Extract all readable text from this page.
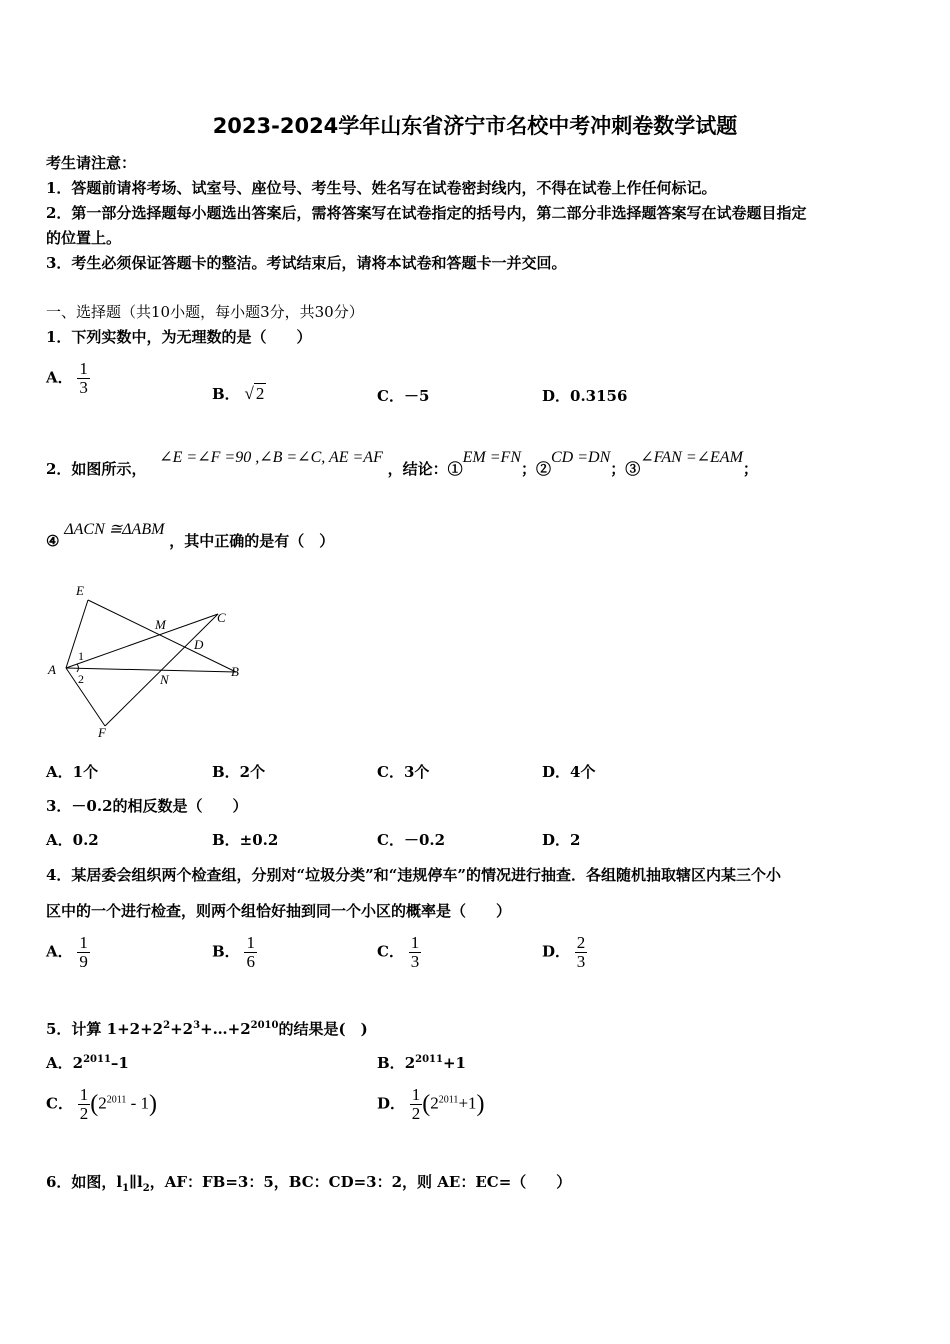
2023-2024学年山东省济宁市名校中考冲刺卷数学试题
考生请注意：
1．答题前请将考场、试室号、座位号、考生号、姓名写在试卷密封线内，不得在试卷上作任何标记。
2．第一部分选择题每小题选出答案后，需将答案写在试卷指定的括号内，第二部分非选择题答案写在试卷题目指定
的位置上。
3．考生必须保证答题卡的整洁。考试结束后，请将本试卷和答题卡一并交回。
一、选择题（共10小题，每小题3分，共30分）
1．下列实数中，为无理数的是（　　）
A． $\frac{1}{3}$	B． √ 2	C．－5	D．0.3156
2．如图所示， ∠E =∠F =90 ,∠B =∠C, AE =AF ，结论：①EM =FN；②CD =DN；③∠FAN =∠EAM；
④ ΔACN ≅ΔABM ，其中正确的是有（　）
E
C
M
D
A
N
B
F
1
2
A．1个	B．2个	C．3个	D．4个
3．－0.2的相反数是（　　）
A．0.2	B．±0.2	C．－0.2	D．2
4．某居委会组织两个检查组，分别对“垃圾分类”和“违规停车”的情况进行抽查．各组随机抽取辖区内某三个小
区中的一个进行检查，则两个组恰好抽到同一个小区的概率是（　　）
A． $\frac{1}{9}$	B． $\frac{1}{6}$	C． $\frac{1}{3}$	D． $\frac{2}{3}$
5．计算 $1+2+2^2+2^3+\dots+2^{2010}$的结果是(　)
A．$2^{2011}-1$	B．$2^{2011}+1$
C． $\frac{1}{2} (2^{2011} - 1)$	D． $\frac{1}{2} (2^{2011}+1)$
6．如图，$l_1\parallel l_2$，AF：FB=3：5，BC：CD=3：2，则 AE：EC=（　　）
